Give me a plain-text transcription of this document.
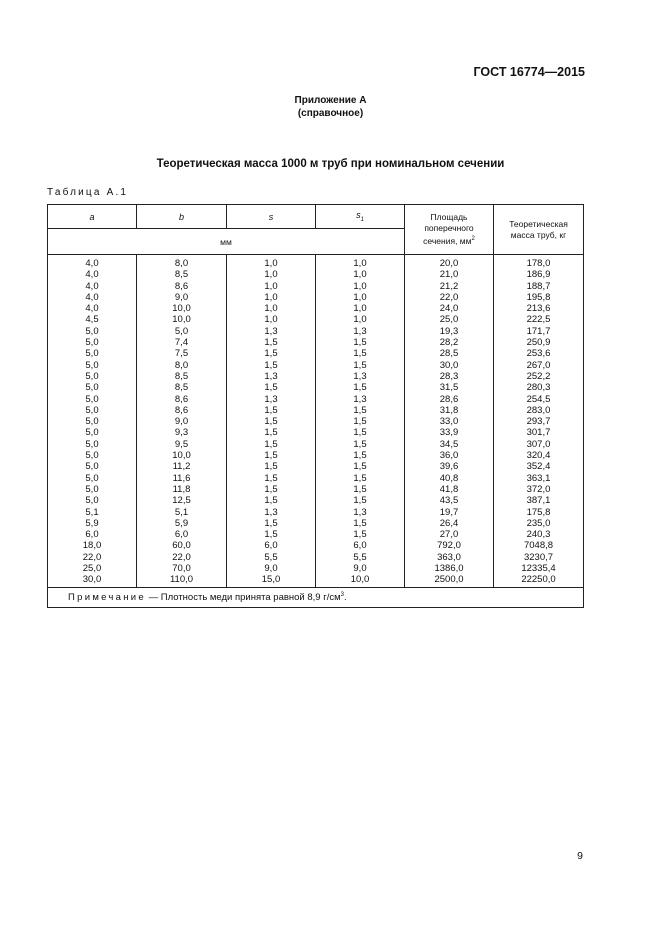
ГОСТ 16774—2015
Приложение А
(справочное)
Теоретическая масса 1000 м труб при номинальном сечении
Таблица А.1
a	b	s	$s_1$	Площадь
поперечного
сечения, $мм^2$	Теоретическая
масса труб, кг
мм					
4,0	8,0	1,0	1,0	20,0	178,0
4,0	8,5	1,0	1,0	21,0	186,9
4,0	8,6	1,0	1,0	21,2	188,7
4,0	9,0	1,0	1,0	22,0	195,8
4,0	10,0	1,0	1,0	24,0	213,6
4,5	10,0	1,0	1,0	25,0	222,5
5,0	5,0	1,3	1,3	19,3	171,7
5,0	7,4	1,5	1,5	28,2	250,9
5,0	7,5	1,5	1,5	28,5	253,6
5,0	8,0	1,5	1,5	30,0	267,0
5,0	8,5	1,3	1,3	28,3	252,2
5,0	8,5	1,5	1,5	31,5	280,3
5,0	8,6	1,3	1,3	28,6	254,5
5,0	8,6	1,5	1,5	31,8	283,0
5,0	9,0	1,5	1,5	33,0	293,7
5,0	9,3	1,5	1,5	33,9	301,7
5,0	9,5	1,5	1,5	34,5	307,0
5,0	10,0	1,5	1,5	36,0	320,4
5,0	11,2	1,5	1,5	39,6	352,4
5,0	11,6	1,5	1,5	40,8	363,1
5,0	11,8	1,5	1,5	41,8	372,0
5,0	12,5	1,5	1,5	43,5	387,1
5,1	5,1	1,3	1,3	19,7	175,8
5,9	5,9	1,5	1,5	26,4	235,0
6,0	6,0	1,5	1,5	27,0	240,3
18,0	60,0	6,0	6,0	792,0	7048,8
22,0	22,0	5,5	5,5	363,0	3230,7
25,0	70,0	9,0	9,0	1386,0	12335,4
30,0	110,0	15,0	10,0	2500,0	22250,0
Примечание — Плотность меди принята равной 8,9 $г/см^3$.					
9
